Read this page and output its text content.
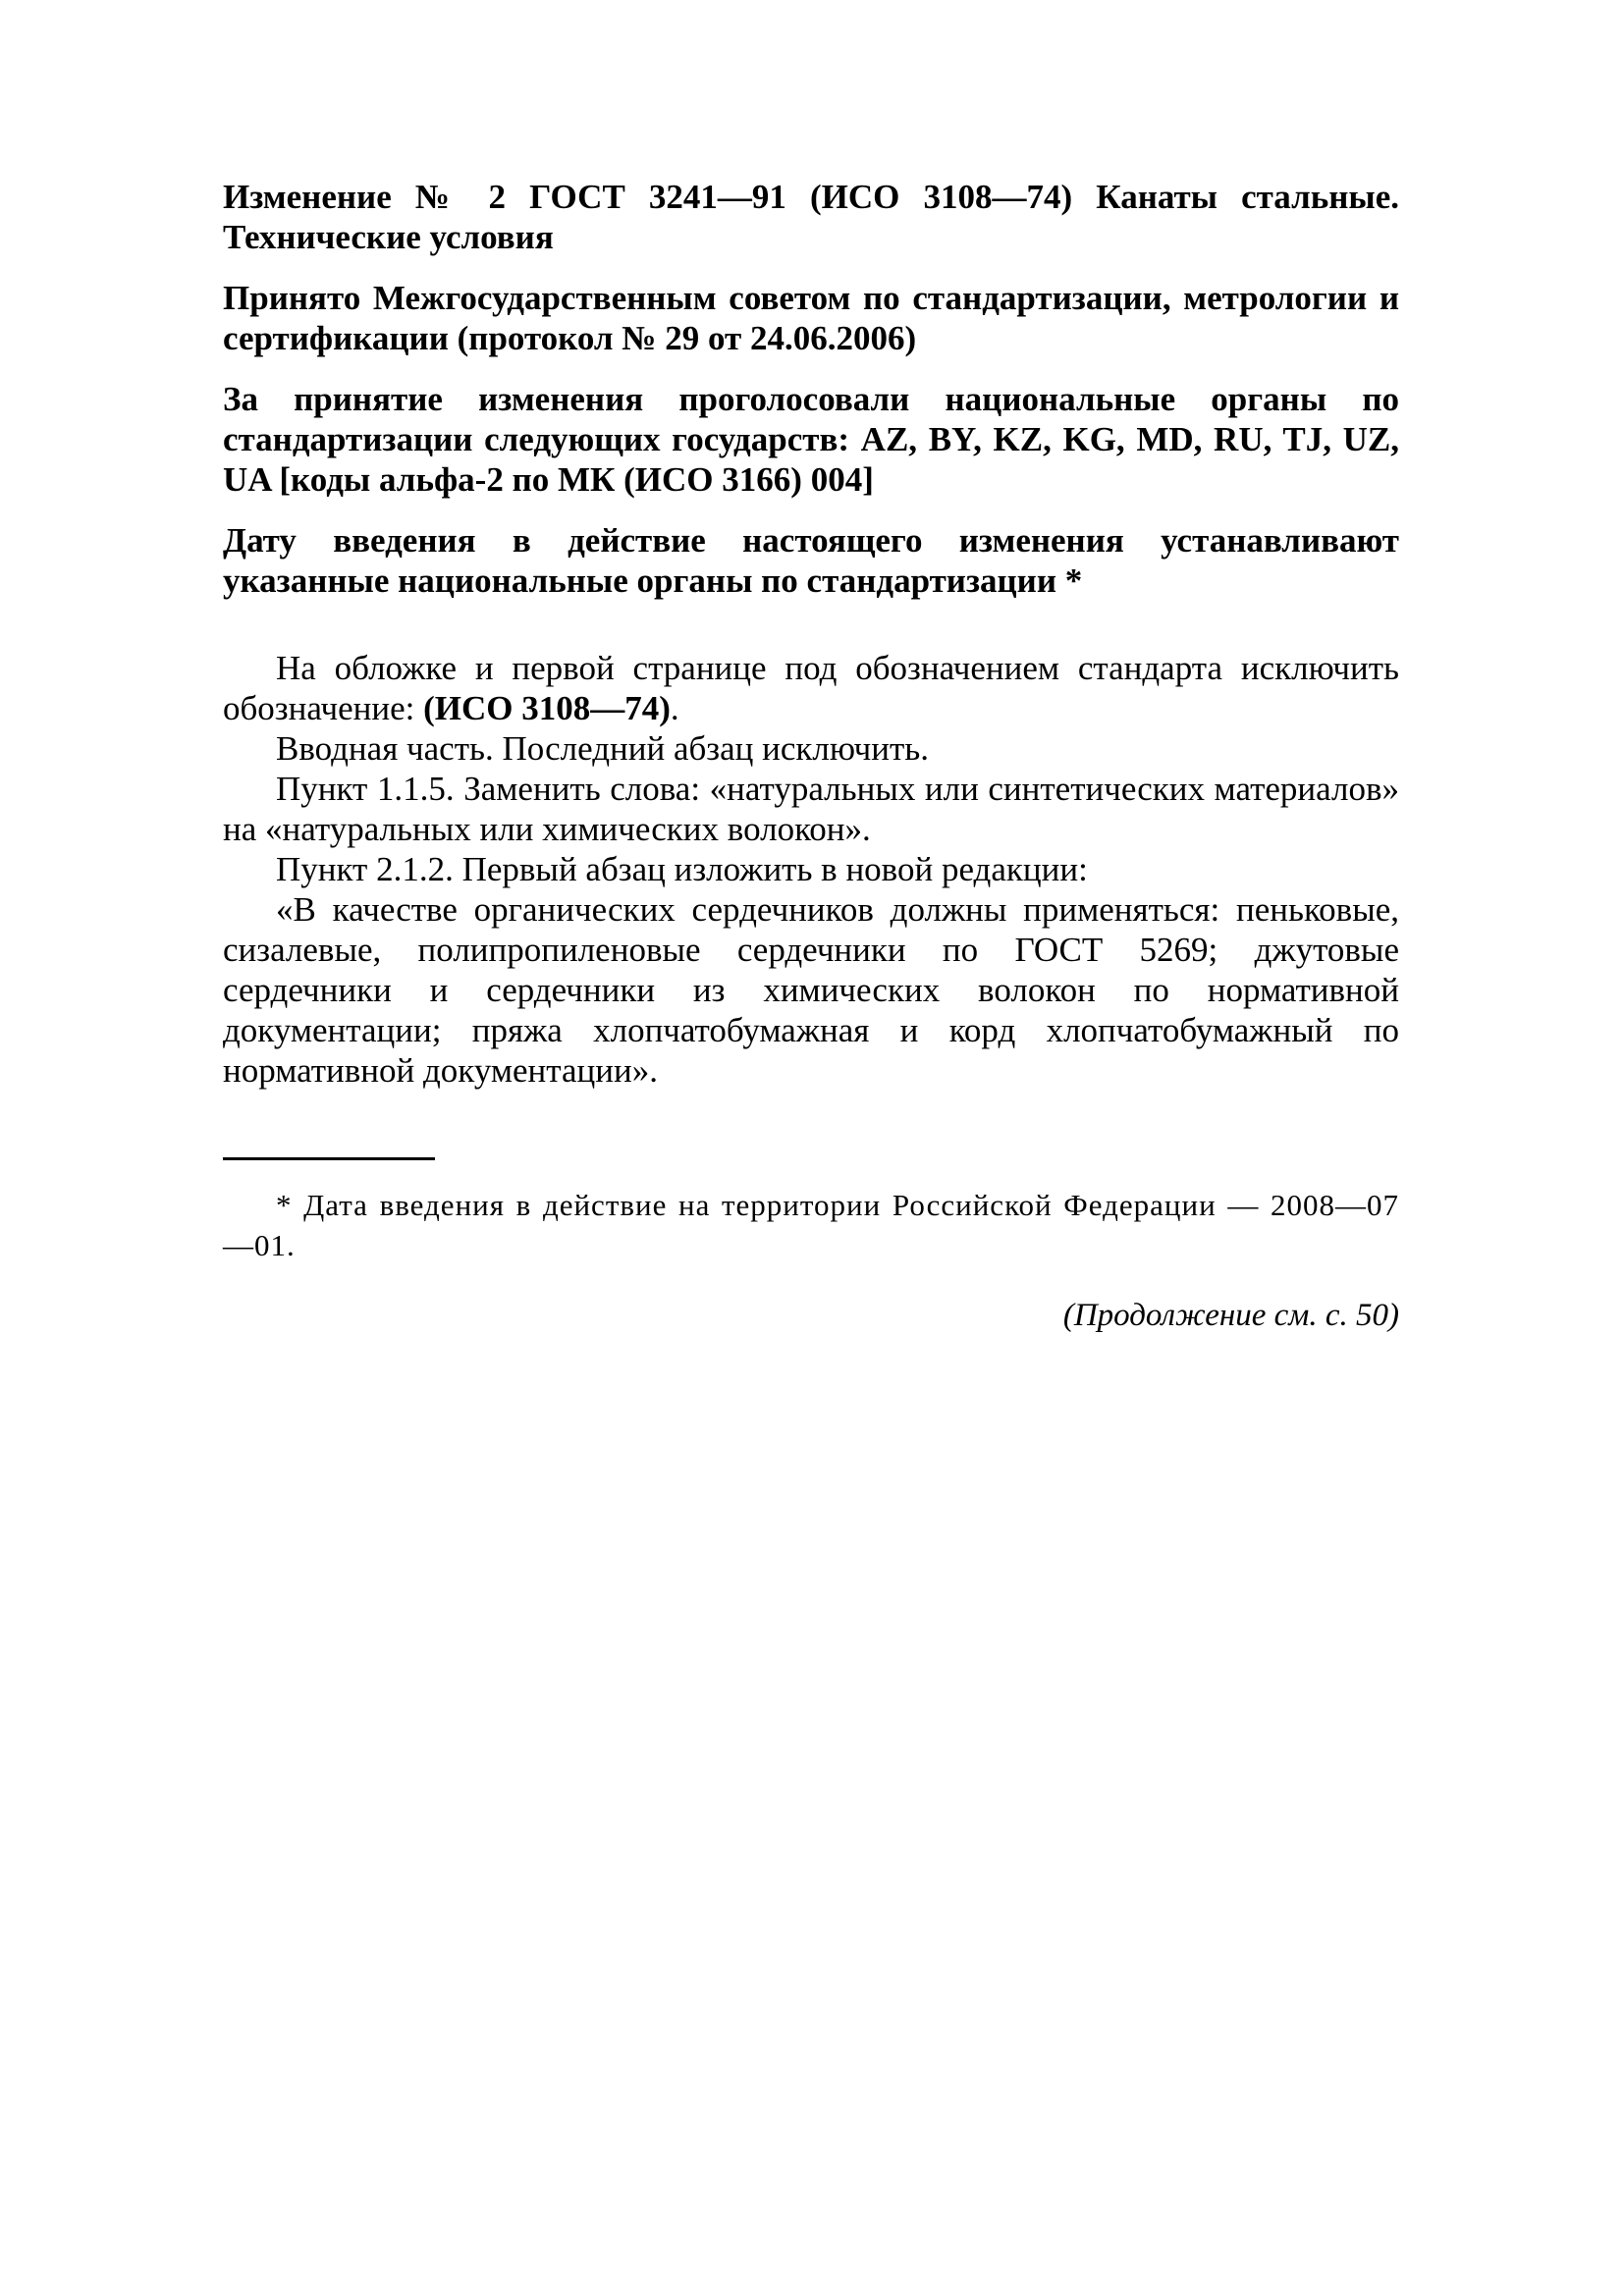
Изменение № 2 ГОСТ 3241—91 (ИСО 3108—74) Канаты стальные. Технические условия

Принято Межгосударственным советом по стандартизации, метрологии и сертификации (протокол № 29 от 24.06.2006)

За принятие изменения проголосовали национальные органы по стандартизации следующих государств: AZ, BY, KZ, KG, MD, RU, TJ, UZ, UA [коды альфа-2 по МК (ИСО 3166) 004]

Дату введения в действие настоящего изменения устанавливают указанные национальные органы по стандартизации *

На обложке и первой странице под обозначением стандарта исключить обозначение: (ИСО 3108—74).

Вводная часть. Последний абзац исключить.

Пункт 1.1.5. Заменить слова: «натуральных или синтетических материалов» на «натуральных или химических волокон».

Пункт 2.1.2. Первый абзац изложить в новой редакции:

«В качестве органических сердечников должны применяться: пеньковые, сизалевые, полипропиленовые сердечники по ГОСТ 5269; джутовые сердечники и сердечники из химических волокон по нормативной документации; пряжа хлопчатобумажная и корд хлопчатобумажный по нормативной документации».

* Дата введения в действие на территории Российской Федерации — 2008—07—01.

(Продолжение см. с. 50)
